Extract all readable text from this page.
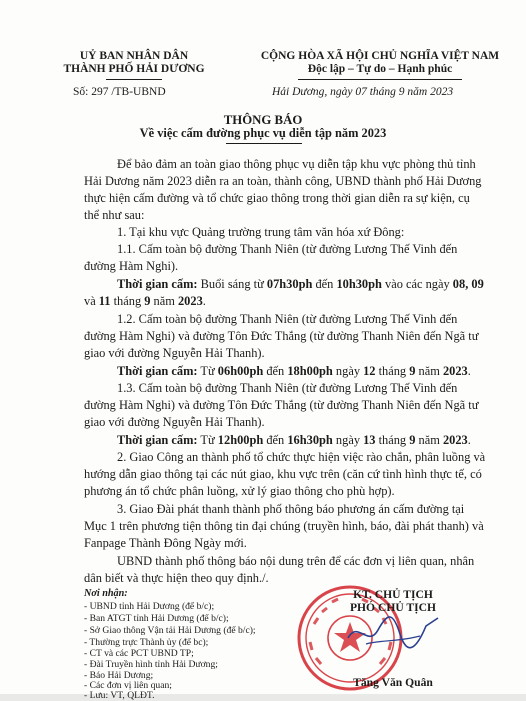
UỶ BAN NHÂN DÂN
THÀNH PHỐ HẢI DƯƠNG
Số: 297 /TB-UBND
CỘNG HÒA XÃ HỘI CHỦ NGHĨA VIỆT NAM
Độc lập – Tự do – Hạnh phúc
Hải Dương, ngày 07 tháng 9 năm 2023
THÔNG BÁO
Về việc cấm đường phục vụ diễn tập năm 2023
Để bảo đảm an toàn giao thông phục vụ diễn tập khu vực phòng thủ tỉnh
Hải Dương năm 2023 diễn ra an toàn, thành công, UBND thành phố Hải Dương
thực hiện cấm đường và tổ chức giao thông trong thời gian diễn ra sự kiện, cụ
thể như sau:
1. Tại khu vực Quảng trường trung tâm văn hóa xứ Đông:
1.1. Cấm toàn bộ đường Thanh Niên (từ đường Lương Thế Vinh đến
đường Hàm Nghi).
Thời gian cấm: Buổi sáng từ 07h30ph đến 10h30ph vào các ngày 08, 09
và 11 tháng 9 năm 2023.
1.2. Cấm toàn bộ đường Thanh Niên (từ đường Lương Thế Vinh đến
đường Hàm Nghi) và đường Tôn Đức Thắng (từ đường Thanh Niên đến Ngã tư
giao với đường Nguyễn Hải Thanh).
Thời gian cấm: Từ 06h00ph đến 18h00ph ngày 12 tháng 9 năm 2023.
1.3. Cấm toàn bộ đường Thanh Niên (từ đường Lương Thế Vinh đến
đường Hàm Nghi) và đường Tôn Đức Thắng (từ đường Thanh Niên đến Ngã tư
giao với đường Nguyễn Hải Thanh).
Thời gian cấm: Từ 12h00ph đến 16h30ph ngày 13 tháng 9 năm 2023.
2. Giao Công an thành phố tổ chức thực hiện việc rào chắn, phân luồng và
hướng dẫn giao thông tại các nút giao, khu vực trên (căn cứ tình hình thực tế, có
phương án tổ chức phân luồng, xử lý giao thông cho phù hợp).
3. Giao Đài phát thanh thành phố thông báo phương án cấm đường tại
Mục 1 trên phương tiện thông tin đại chúng (truyền hình, báo, đài phát thanh) và
Fanpage Thành Đông Ngày mới.
UBND thành phố thông báo nội dung trên để các đơn vị liên quan, nhân
dân biết và thực hiện theo quy định./.
Nơi nhận:
- UBND tỉnh Hải Dương (để b/c);
- Ban ATGT tỉnh Hải Dương (để b/c);
- Sở Giao thông Vận tải Hải Dương (để b/c);
- Thường trực Thành ủy (để bc);
- CT và các PCT UBND TP;
- Đài Truyền hình tỉnh Hải Dương;
- Báo Hải Dương;
- Các đơn vị liên quan;
- Lưu: VT, QLĐT.
KT. CHỦ TỊCH
PHÓ CHỦ TỊCH
Tăng Văn Quân
